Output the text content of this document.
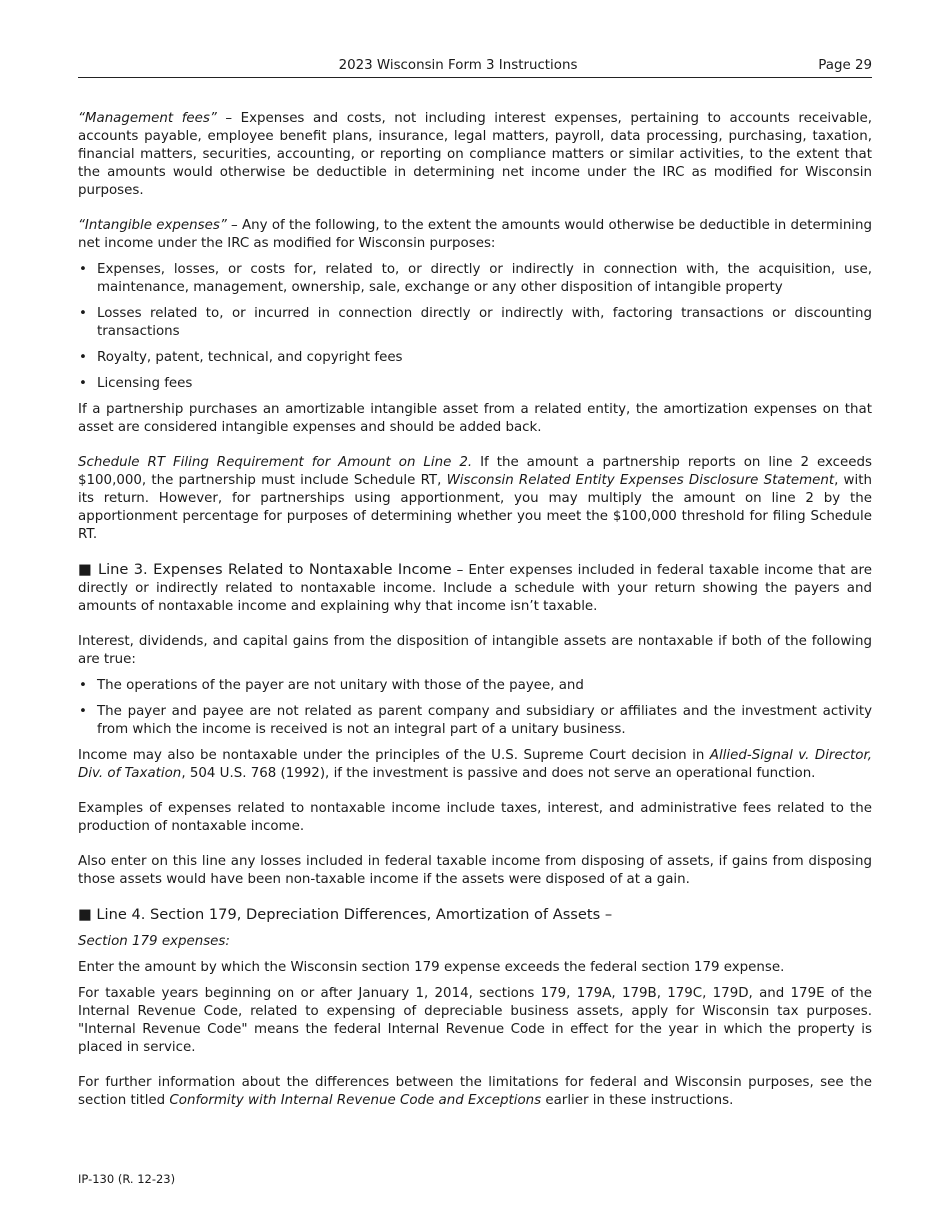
2023 Wisconsin Form 3 Instructions	Page 29

“Management fees” – Expenses and costs, not including interest expenses, pertaining to accounts receivable, accounts payable, employee benefit plans, insurance, legal matters, payroll, data processing, purchasing, taxation, financial matters, securities, accounting, or reporting on compliance matters or similar activities, to the extent that the amounts would otherwise be deductible in determining net income under the IRC as modified for Wisconsin purposes.

“Intangible expenses” – Any of the following, to the extent the amounts would otherwise be deductible in determining net income under the IRC as modified for Wisconsin purposes:

• Expenses, losses, or costs for, related to, or directly or indirectly in connection with, the acquisition, use, maintenance, management, ownership, sale, exchange or any other disposition of intangible property
• Losses related to, or incurred in connection directly or indirectly with, factoring transactions or discounting transactions
• Royalty, patent, technical, and copyright fees
• Licensing fees

If a partnership purchases an amortizable intangible asset from a related entity, the amortization expenses on that asset are considered intangible expenses and should be added back.

Schedule RT Filing Requirement for Amount on Line 2. If the amount a partnership reports on line 2 exceeds $100,000, the partnership must include Schedule RT, Wisconsin Related Entity Expenses Disclosure Statement, with its return. However, for partnerships using apportionment, you may multiply the amount on line 2 by the apportionment percentage for purposes of determining whether you meet the $100,000 threshold for filing Schedule RT.

■ Line 3. Expenses Related to Nontaxable Income – Enter expenses included in federal taxable income that are directly or indirectly related to nontaxable income. Include a schedule with your return showing the payers and amounts of nontaxable income and explaining why that income isn’t taxable.

Interest, dividends, and capital gains from the disposition of intangible assets are nontaxable if both of the following are true:

• The operations of the payer are not unitary with those of the payee, and
• The payer and payee are not related as parent company and subsidiary or affiliates and the investment activity from which the income is received is not an integral part of a unitary business.

Income may also be nontaxable under the principles of the U.S. Supreme Court decision in Allied-Signal v. Director, Div. of Taxation, 504 U.S. 768 (1992), if the investment is passive and does not serve an operational function.

Examples of expenses related to nontaxable income include taxes, interest, and administrative fees related to the production of nontaxable income.

Also enter on this line any losses included in federal taxable income from disposing of assets, if gains from disposing those assets would have been non-taxable income if the assets were disposed of at a gain.

■ Line 4. Section 179, Depreciation Differences, Amortization of Assets –

Section 179 expenses:

Enter the amount by which the Wisconsin section 179 expense exceeds the federal section 179 expense.

For taxable years beginning on or after January 1, 2014, sections 179, 179A, 179B, 179C, 179D, and 179E of the Internal Revenue Code, related to expensing of depreciable business assets, apply for Wisconsin tax purposes. "Internal Revenue Code" means the federal Internal Revenue Code in effect for the year in which the property is placed in service.

For further information about the differences between the limitations for federal and Wisconsin purposes, see the section titled Conformity with Internal Revenue Code and Exceptions earlier in these instructions.

IP-130 (R. 12-23)
